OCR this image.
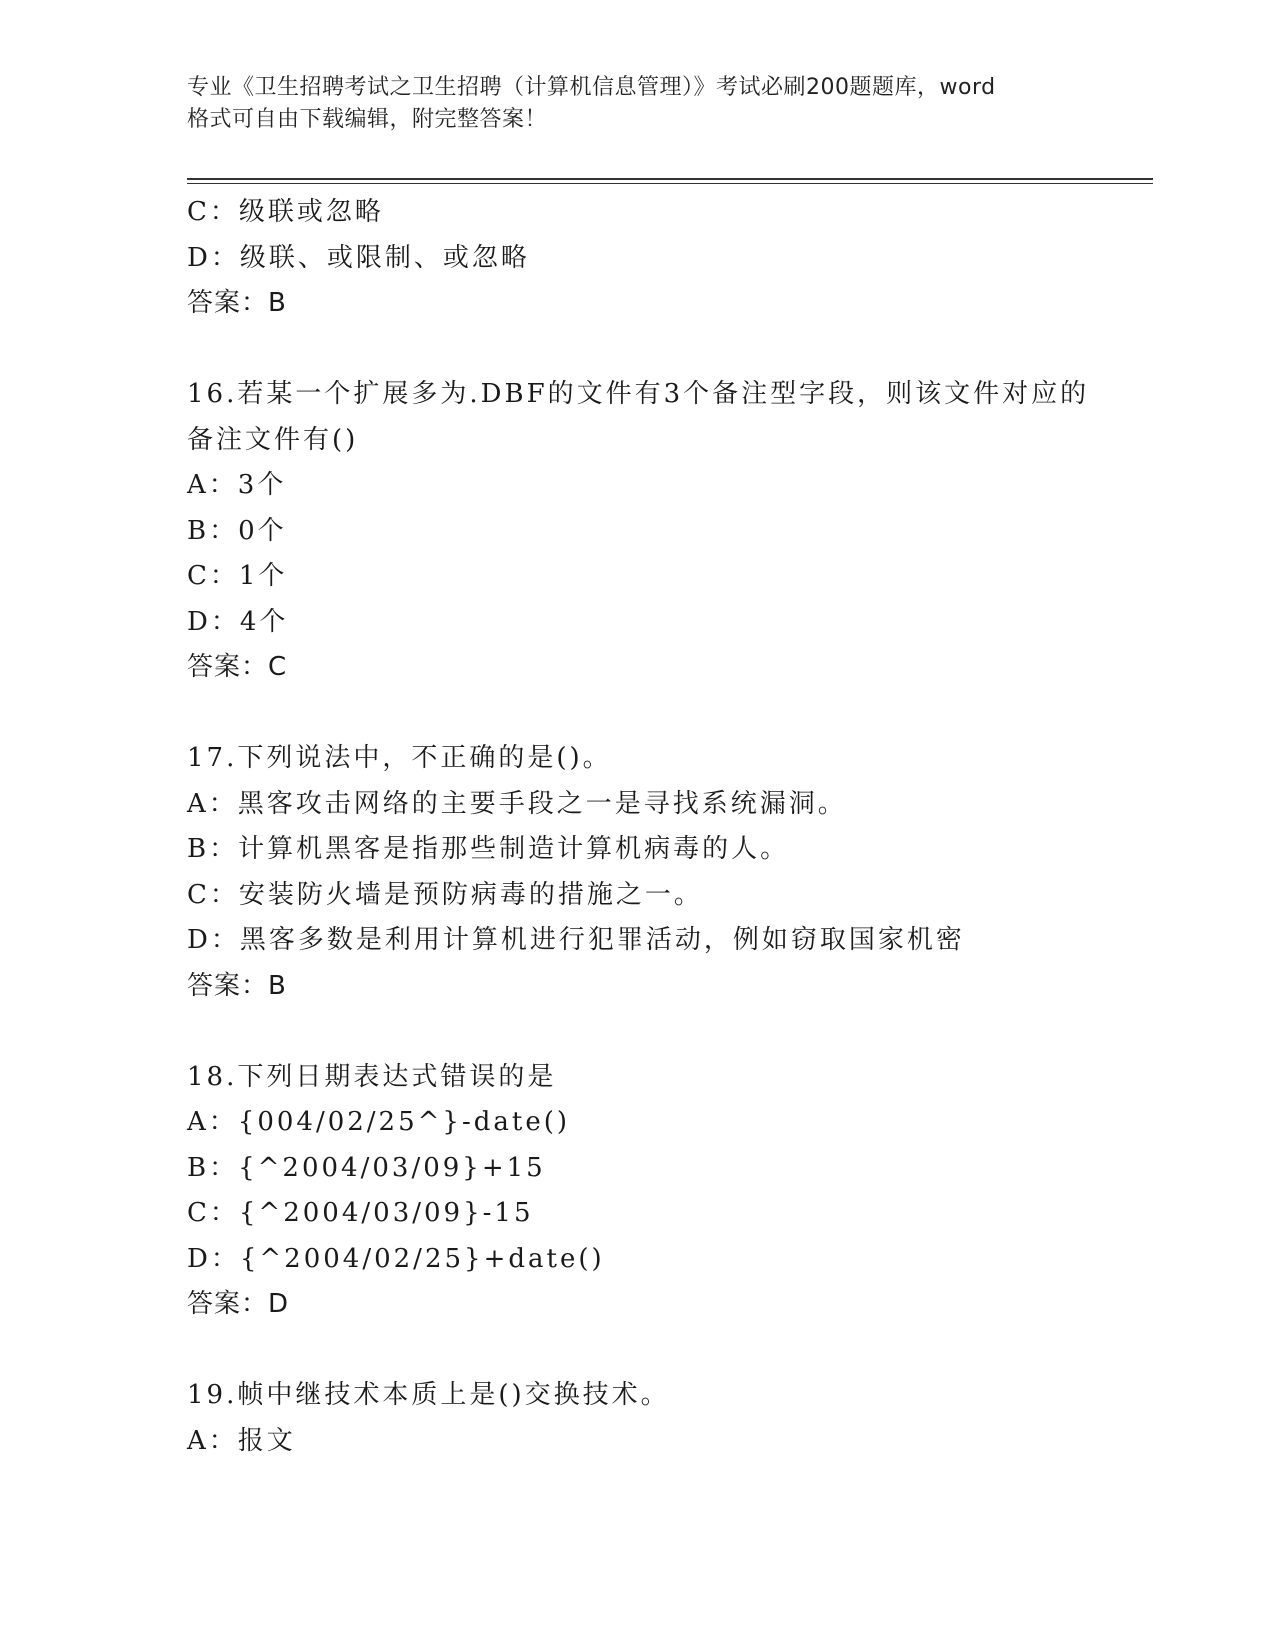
专业《卫生招聘考试之卫生招聘（计算机信息管理）》考试必刷200题题库，word
格式可自由下载编辑，附完整答案！
C：级联或忽略
D：级联、或限制、或忽略
答案：B
16.若某一个扩展多为.DBF的文件有3个备注型字段，则该文件对应的
备注文件有()
A：3个
B：0个
C：1个
D：4个
答案：C
17.下列说法中，不正确的是()。
A：黑客攻击网络的主要手段之一是寻找系统漏洞。
B：计算机黑客是指那些制造计算机病毒的人。
C：安装防火墙是预防病毒的措施之一。
D：黑客多数是利用计算机进行犯罪活动，例如窃取国家机密
答案：B
18.下列日期表达式错误的是
A：{004/02/25^}-date()
B：{^2004/03/09}+15
C：{^2004/03/09}-15
D：{^2004/02/25}+date()
答案：D
19.帧中继技术本质上是()交换技术。
A：报文
